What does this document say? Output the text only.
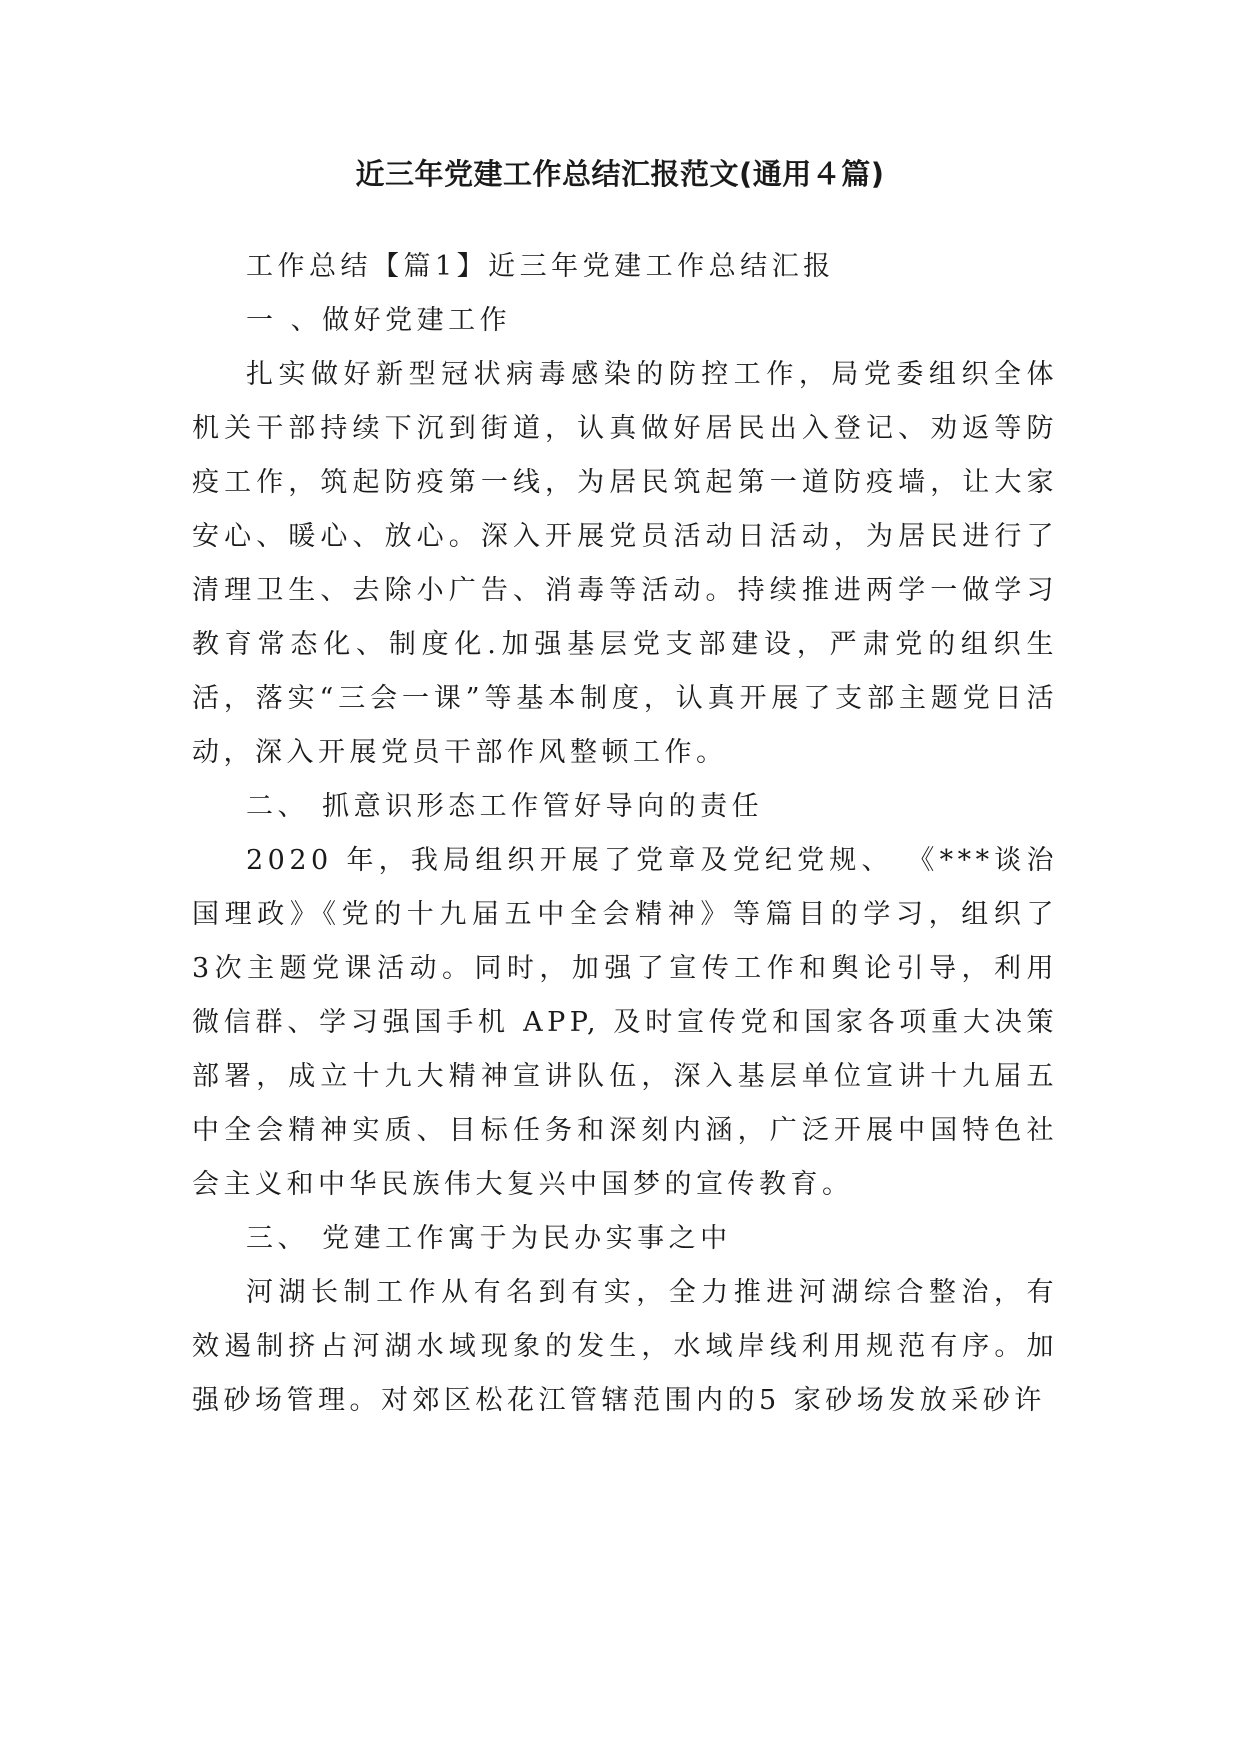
近三年党建工作总结汇报范文(通用４篇)

工作总结【篇1】近三年党建工作总结汇报

一 、做好党建工作

扎实做好新型冠状病毒感染的防控工作，局党委组织全体机关干部持续下沉到街道，认真做好居民出入登记、劝返等防疫工作，筑起防疫第一线，为居民筑起第一道防疫墙，让大家安心、暖心、放心。深入开展党员活动日活动，为居民进行了清理卫生、去除小广告、消毒等活动。持续推进两学一做学习教育常态化、制度化.加强基层党支部建设，严肃党的组织生活，落实“三会一课”等基本制度，认真开展了支部主题党日活动，深入开展党员干部作风整顿工作。

二、 抓意识形态工作管好导向的责任

2020 年，我局组织开展了党章及党纪党规、 《***谈治国理政》《党的十九届五中全会精神》等篇目的学习，组织了 3次主题党课活动。同时，加强了宣传工作和舆论引导，利用微信群、学习强国手机 APP, 及时宣传党和国家各项重大决策部署，成立十九大精神宣讲队伍，深入基层单位宣讲十九届五中全会精神实质、目标任务和深刻内涵，广泛开展中国特色社会主义和中华民族伟大复兴中国梦的宣传教育。

三、 党建工作寓于为民办实事之中

河湖长制工作从有名到有实，全力推进河湖综合整治，有效遏制挤占河湖水域现象的发生，水域岸线利用规范有序。加强砂场管理。对郊区松花江管辖范围内的5 家砂场发放采砂许
